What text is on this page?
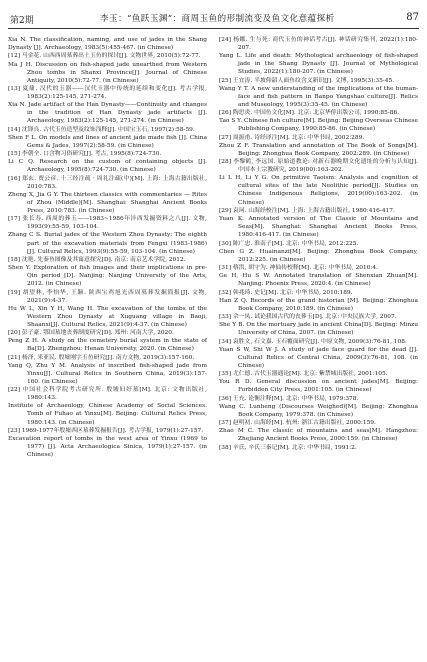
第2期	李玉：“鱼跃玉渊”：商周玉鱼的形制流变及鱼文化意蕴探析	87

Xia N. The classification, naming, and use of jades in the Shang Dynasty [J]. Archaeology, 1983(5):455-467. (in Chinese)

[12] 马金花. 山西西周墓葬出土玉鱼的探讨[J]. 文物世界, 2010(5):72-77.
Ma J H. Discussion on fish-shaped jade unearthed from Western Zhou tombs in Shanxi Province[J]. Journal of Chinese Antiquity, 2010(5):72-77. (in Chinese)

[13] 夏鼐. 汉代的玉器——汉代玉器中传统的延续和变化[J]. 考古学报, 1983(2):125-145, 271-274.
Xia N. Jade artifact of the Han Dynasty——Continuity and changes in the tradition of Han Dynasty jade artifacts [J]. Archaeology, 1983(2):125-145, 271-274. (in Chinese)

[14] 沈锋良. 古代玉鱼造型及纹饰浅释[J]. 中国宝玉石, 1997(2):58-59.
Shen F L. On models and lines of ancient jade made fish [J]. China Gems & Jades, 1997(2):58-59. (in Chinese)

[15] 李朝全. 口含物习俗研究[J]. 考古, 1995(8):724-730.
Li C Q. Research on the custom of containing objects [J]. Archaeology, 1995(8):724-730. (in Chinese)

[16] 郑玄. 贾公彦. 十三经注疏 · 周礼注疏(中)[M]. 上海: 上海古籍出版社, 2010:783.
Zheng X, Jia G Y. The thirteen classics with commentaries — Rites of Zhou (Middle)[M]. Shanghai: Shanghai Ancient Books Press, 2010:783. (in Chinese)

[17] 张长寿. 西周的葬玉——1983~1986年沣西发掘资料之八[J]. 文物, 1993(9):55-59, 103-104.
Zhang C S. Burial jades of the Western Zhou Dynasty: The eighth part of the excavation materials from Fengxi (1983-1986) [J]. Cultural Relics, 1993(9):55-59, 103-104. (in Chinese)

[18] 沈艳. 先秦鱼图像及其寓意探究[D]. 南京: 南京艺术学院, 2012.
Shen Y. Exploration of fish images and their implications in pre-Qin period [D]. Nanjing: Nanjing University of the Arts, 2012. (in Chinese)

[19] 胡望林, 李怡华, 王颖. 陕西宝鸡旭光西周墓葬发掘简报[J]. 文物, 2021(9):4-37.
Hu W L, Xin Y H, Wang H. The excavation of the tombs of the Western Zhou Dynasty at Xuguang village in Baoji, Shaanxi[J]. Cultural Relics, 2021(9):4-37. (in Chinese)

[20] 彭子豪. 鄂国墓地丧葬制度研究[D]. 郑州: 河南大学, 2020.
Peng Z H. A study on the cemetery burial system in the state of Ba[D]. Zhengzhou: Henan University, 2020. (in Chinese)

[21] 杨泽, 米亚民. 殷墟刚字玉鱼研究[J]. 南方文物, 2019(3):157-160.
Yang Q, Zhu Y M. Analysis of inscribed fish-shaped jade from Yinxu[J]. Cultural Relics in Southern China, 2019(3):157-160. (in Chinese)

[22] 中国社会科学院考古研究所. 殷墟妇好墓[M]. 北京: 文物出版社, 1980:143.
Institute of Archaeology, Chinese Academy of Social Sciences. Tomb of Fuhao at Yinxu[M]. Beijing: Cultural Relics Press, 1980:143. (in Chinese)

[23] 1969-1977年殷墟西区墓葬发掘报告[J]. 考古学报, 1979(1):27-157.
Excavation report of tombs in the west area of Yinxu (1969 to 1977) [J]. Acta Archaeologica Sinica, 1979(1):27-157. (in Chinese)

[24] 杨娜. 生与死: 商代玉鱼的神话考古[J]. 神话研究集刊, 2022(1):180-207.
Yang L. Life and death: Mythological archaeology of fish-shaped jade in the Shang Dynasty [J]. Journal of Mythological Studies, 2022(1):180-207. (in Chinese)

[25] 王宜涛. 半坡仰韶人面鱼纹含义新识[J]. 文博, 1995(3):35-45.
Wang Y T. A new understanding of the implications of the human-face and fish pattern in Banpo Yangshao culture[J]. Relics and Museology, 1995(3):35-45. (in Chinese)

[26] 陶思炎. 中国鱼文化[M]. 北京: 北京华侨出版公司, 1990:85-86.
Tao S Y. Chinese fish culture[M]. Beijing: Beijing Overseas Chinese Publishing Company, 1990:85-86. (in Chinese)

[27] 周振甫. 诗经译注[M]. 北京: 中华书局, 2002:289.
Zhou Z F. Translation and annotation of The Book of Songs[M]. Beijing: Zhonghua Book Company, 2002:289. (in Chinese)

[28] 李黎鹤, 李远国. 原始道教论: 对新石器晚期文化遗址的分析与认知[J]. 中国本土宗教研究, 2019(00):163-202.
Li L H, Li Y G. On primitive Taoism: Analysis and cognition of cultural sites of the late Neolithic period[J]. Studies on Chinese Indigenous Religions, 2019(00):163-202. (in Chinese)

[29] 袁珂. 山海经校注[M]. 上海: 上海古籍出版社, 1980:416-417.
Yuan K. Annotated version of The Classic of Mountains and Seas[M]. Shanghai: Shanghai Ancient Books Press, 1980:416-417. (in Chinese)

[30] 陈广忠. 淮南子[M]. 北京: 中华书局, 2012:225.
Chen G Z. Huainanzi[M]. Beijing: Zhonghua Book Company, 2012:225. (in Chinese)

[31] 蔡洪, 胡守为. 神仙传校释[M]. 北京: 中华书局, 2010:4.
Ge H, Hu S W. Annotated translation of Shenxian Zhuan[M]. Nanjing: Phoenix Press, 2020:4. (in Chinese)

[32] 韩兆琦. 史记[M]. 北京: 中华书局, 2010:189.
Han Z Q. Records of the grand historian [M]. Beijing: Zhonghua Book Company, 2010:189. (in Chinese)

[33] 佘一凤. 试论我国古代的丧葬玉[D]. 北京: 中央民族大学, 2007.
She Y B. On the mortuary jade in ancient China[D]. Beijing: Minzu University of China, 2007. (in Chinese)

[34] 袁胜文, 石文嘉. 玉石覆面研究[J]. 中原文物, 2009(3):76-81, 108.
Yuan S W, Shi W J. A study of jade face guard for the dead [J]. Cultural Relics of Central China, 2009(3):76-81, 108. (in Chinese)

[35] 尤仁德. 古代玉器通论[M]. 北京: 紫禁城出版社, 2001:105.
You R D. General discussion on ancient jades[M]. Beijing: Forbidden City Press, 2001:105. (in Chinese)

[36] 王充. 论衡注释[M]. 北京: 中华书局, 1979:378.
Wang C. Lunheng (Discourses Weighed)[M]. Beijing: Zhonghua Book Company, 1979:378. (in Chinese)

[37] 赵明初. 山海经[M]. 杭州: 浙江古籍出版社, 2000:159.
Zhao M C. The classic of mountains and seas[M]. Hangzhou: Zhejiang Ancient Books Press, 2000:159. (in Chinese)

[38] 辛氏. 辛氏三秦记[M]. 北京: 中华书局, 1991:2.
